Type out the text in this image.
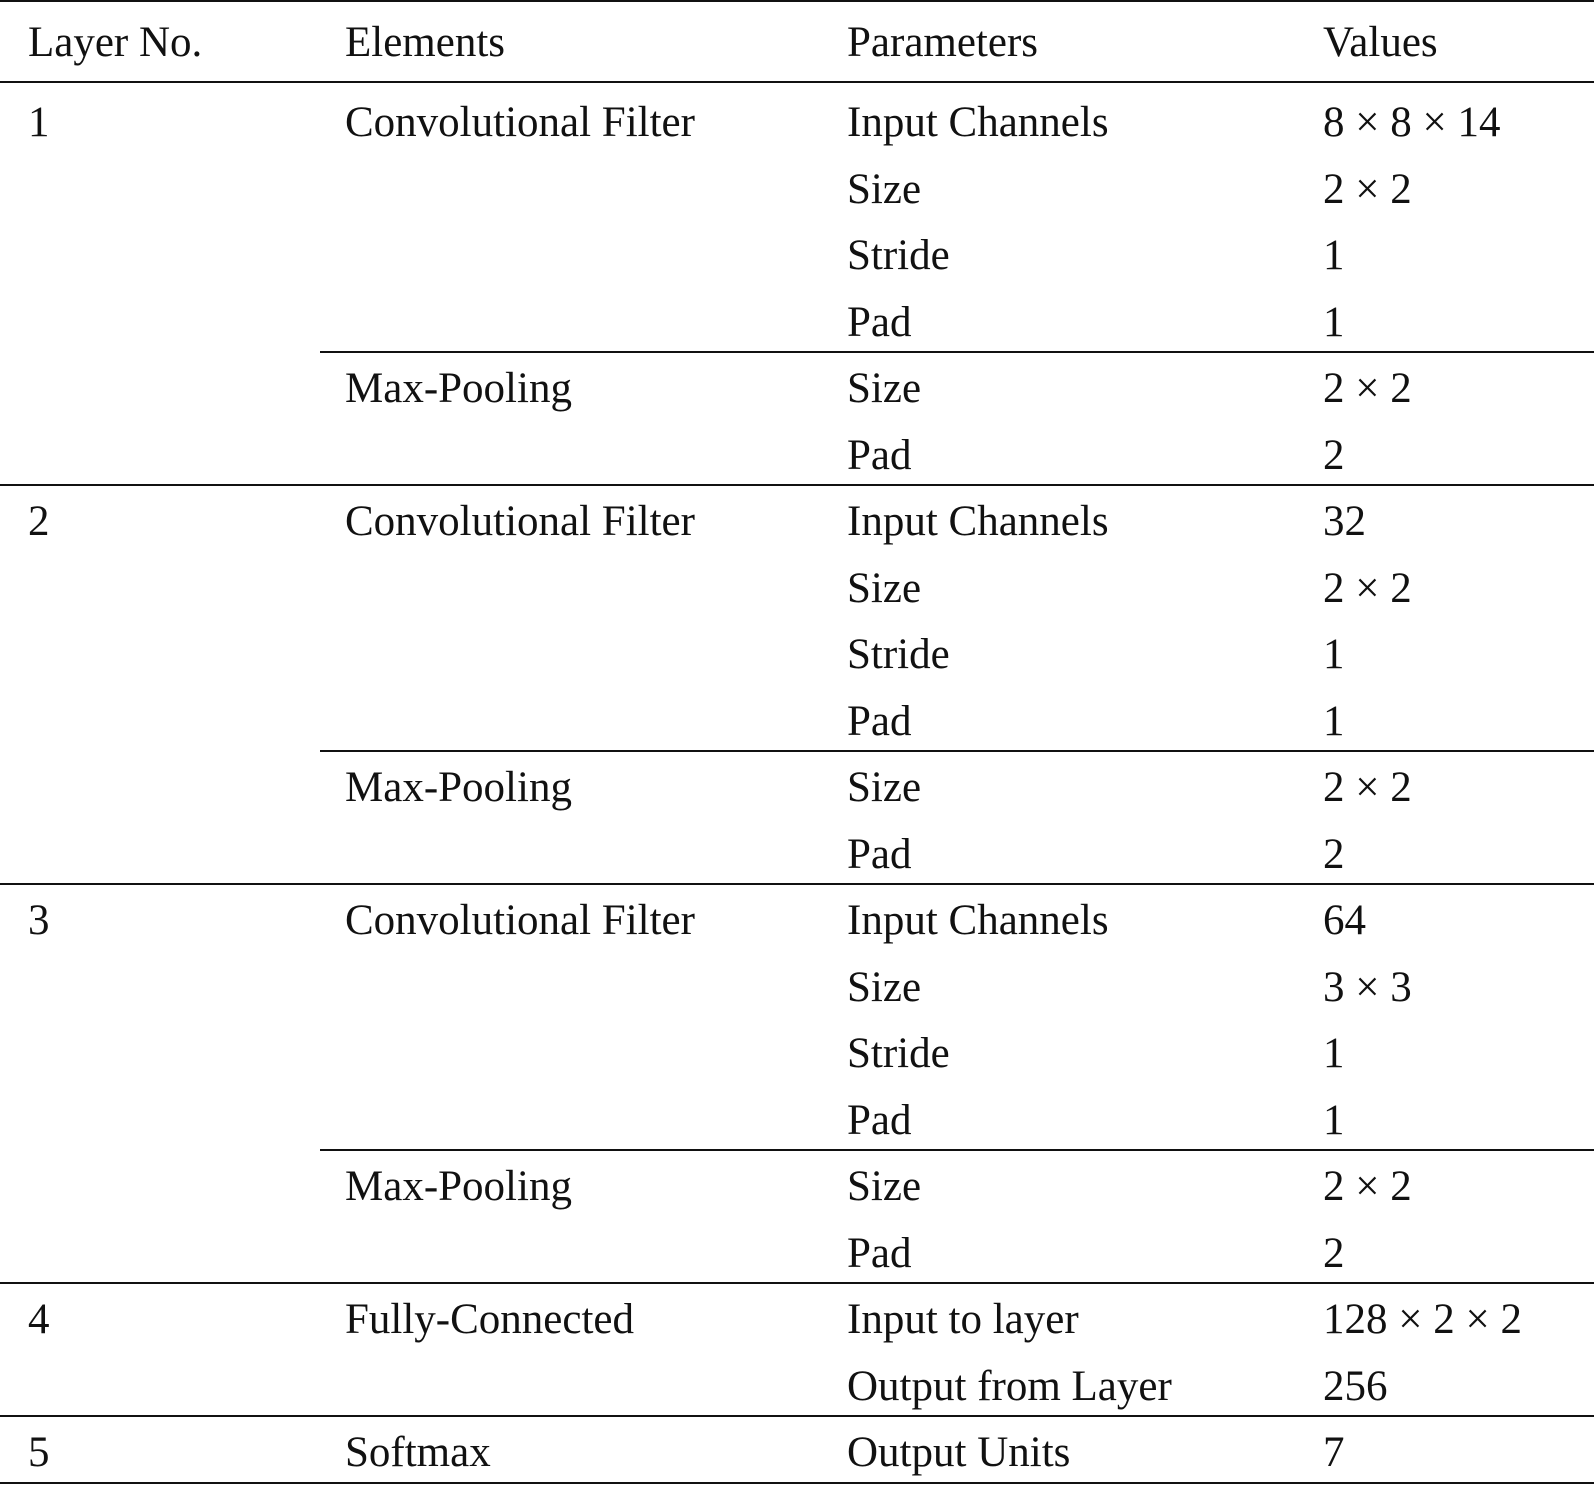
Layer No.	Elements	Parameters	Values
1	Convolutional Filter	Input Channels	8 × 8 × 14
Size	2 × 2
Stride	1
Pad	1
Max-Pooling	Size	2 × 2
Pad	2
2	Convolutional Filter	Input Channels	32
Size	2 × 2
Stride	1
Pad	1
Max-Pooling	Size	2 × 2
Pad	2
3	Convolutional Filter	Input Channels	64
Size	3 × 3
Stride	1
Pad	1
Max-Pooling	Size	2 × 2
Pad	2
4	Fully-Connected	Input to layer	128 × 2 × 2
Output from Layer	256
5	Softmax	Output Units	7
